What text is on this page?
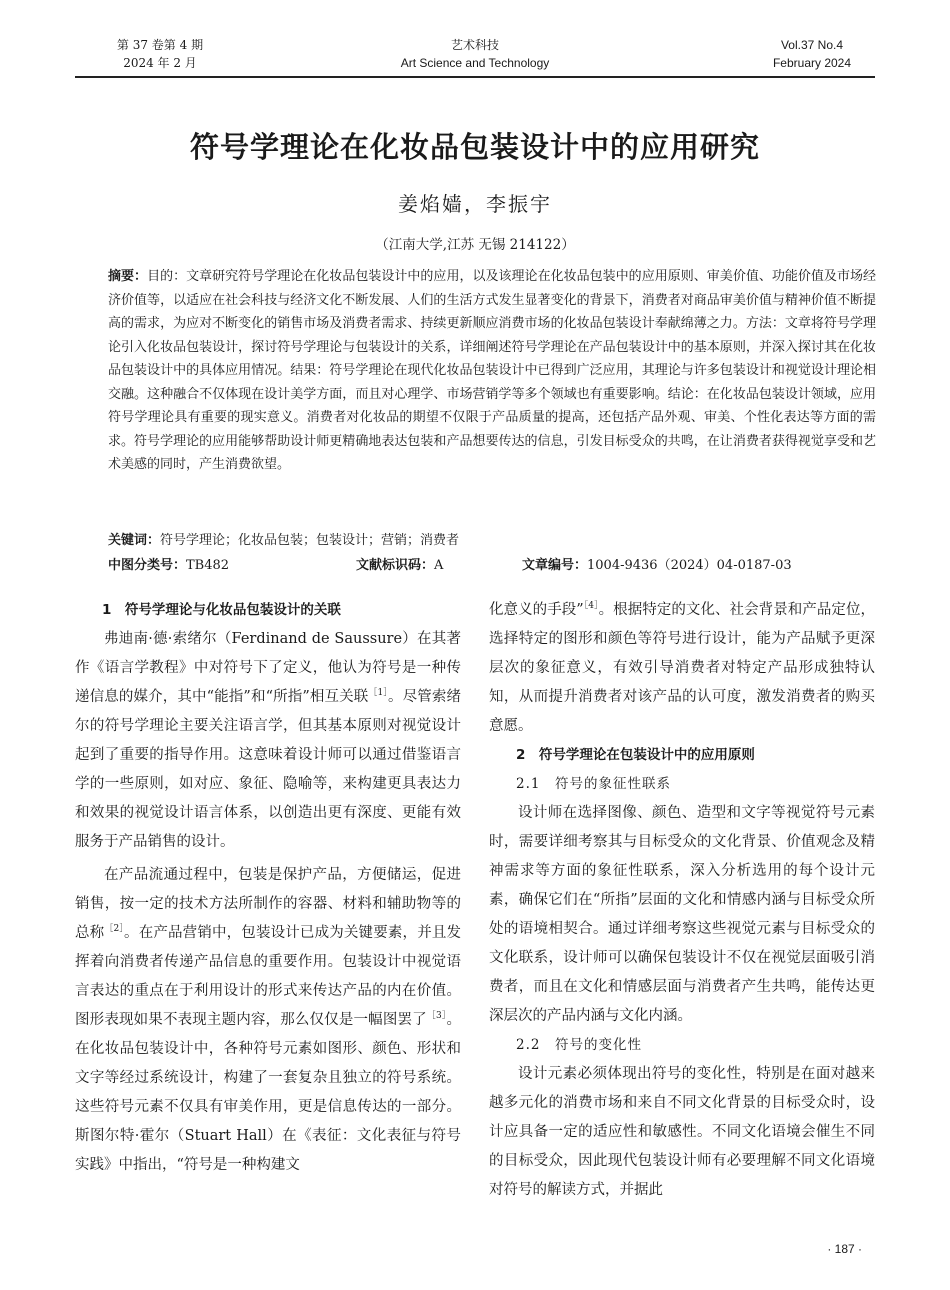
第 37 卷第 4 期
2024 年 2 月
艺术科技
Art Science and Technology
Vol.37 No.4
February 2024
符号学理论在化妆品包装设计中的应用研究
姜焰嫱，李振宇
（江南大学,江苏 无锡 214122）
摘要：目的：文章研究符号学理论在化妆品包装设计中的应用，以及该理论在化妆品包装中的应用原则、审美价值、功能价值及市场经济价值等，以适应在社会科技与经济文化不断发展、人们的生活方式发生显著变化的背景下，消费者对商品审美价值与精神价值不断提高的需求，为应对不断变化的销售市场及消费者需求、持续更新顺应消费市场的化妆品包装设计奉献绵薄之力。方法：文章将符号学理论引入化妆品包装设计，探讨符号学理论与包装设计的关系，详细阐述符号学理论在产品包装设计中的基本原则，并深入探讨其在化妆品包装设计中的具体应用情况。结果：符号学理论在现代化妆品包装设计中已得到广泛应用，其理论与许多包装设计和视觉设计理论相交融。这种融合不仅体现在设计美学方面，而且对心理学、市场营销学等多个领域也有重要影响。结论：在化妆品包装设计领域，应用符号学理论具有重要的现实意义。消费者对化妆品的期望不仅限于产品质量的提高，还包括产品外观、审美、个性化表达等方面的需求。符号学理论的应用能够帮助设计师更精确地表达包装和产品想要传达的信息，引发目标受众的共鸣，在让消费者获得视觉享受和艺术美感的同时，产生消费欲望。
关键词：符号学理论；化妆品包装；包装设计；营销；消费者
中图分类号：TB482	文献标识码：A	文章编号：1004-9436（2024）04-0187-03
1　符号学理论与化妆品包装设计的关联

弗迪南·德·索绪尔（Ferdinand de Saussure）在其著作《语言学教程》中对符号下了定义，他认为符号是一种传递信息的媒介，其中“能指”和“所指”相互关联$^{[1]}$。尽管索绪尔的符号学理论主要关注语言学，但其基本原则对视觉设计起到了重要的指导作用。这意味着设计师可以通过借鉴语言学的一些原则，如对应、象征、隐喻等，来构建更具表达力和效果的视觉设计语言体系，以创造出更有深度、更能有效服务于产品销售的设计。

在产品流通过程中，包装是保护产品，方便储运，促进销售，按一定的技术方法所制作的容器、材料和辅助物等的总称$^{[2]}$。在产品营销中，包装设计已成为关键要素，并且发挥着向消费者传递产品信息的重要作用。包装设计中视觉语言表达的重点在于利用设计的形式来传达产品的内在价值。图形表现如果不表现主题内容，那么仅仅是一幅图罢了$^{[3]}$。在化妆品包装设计中，各种符号元素如图形、颜色、形状和文字等经过系统设计，构建了一套复杂且独立的符号系统。这些符号元素不仅具有审美作用，更是信息传达的一部分。斯图尔特·霍尔（Stuart Hall）在《表征：文化表征与符号实践》中指出，“符号是一种构建文

化意义的手段”$^{[4]}$。根据特定的文化、社会背景和产品定位，选择特定的图形和颜色等符号进行设计，能为产品赋予更深层次的象征意义，有效引导消费者对特定产品形成独特认知，从而提升消费者对该产品的认可度，激发消费者的购买意愿。

2　符号学理论在包装设计中的应用原则
2.1　符号的象征性联系

设计师在选择图像、颜色、造型和文字等视觉符号元素时，需要详细考察其与目标受众的文化背景、价值观念及精神需求等方面的象征性联系，深入分析选用的每个设计元素，确保它们在“所指”层面的文化和情感内涵与目标受众所处的语境相契合。通过详细考察这些视觉元素与目标受众的文化联系，设计师可以确保包装设计不仅在视觉层面吸引消费者，而且在文化和情感层面与消费者产生共鸣，能传达更深层次的产品内涵与文化内涵。

2.2　符号的变化性

设计元素必须体现出符号的变化性，特别是在面对越来越多元化的消费市场和来自不同文化背景的目标受众时，设计应具备一定的适应性和敏感性。不同文化语境会催生不同的目标受众，因此现代包装设计师有必要理解不同文化语境对符号的解读方式，并据此

· 187 ·
